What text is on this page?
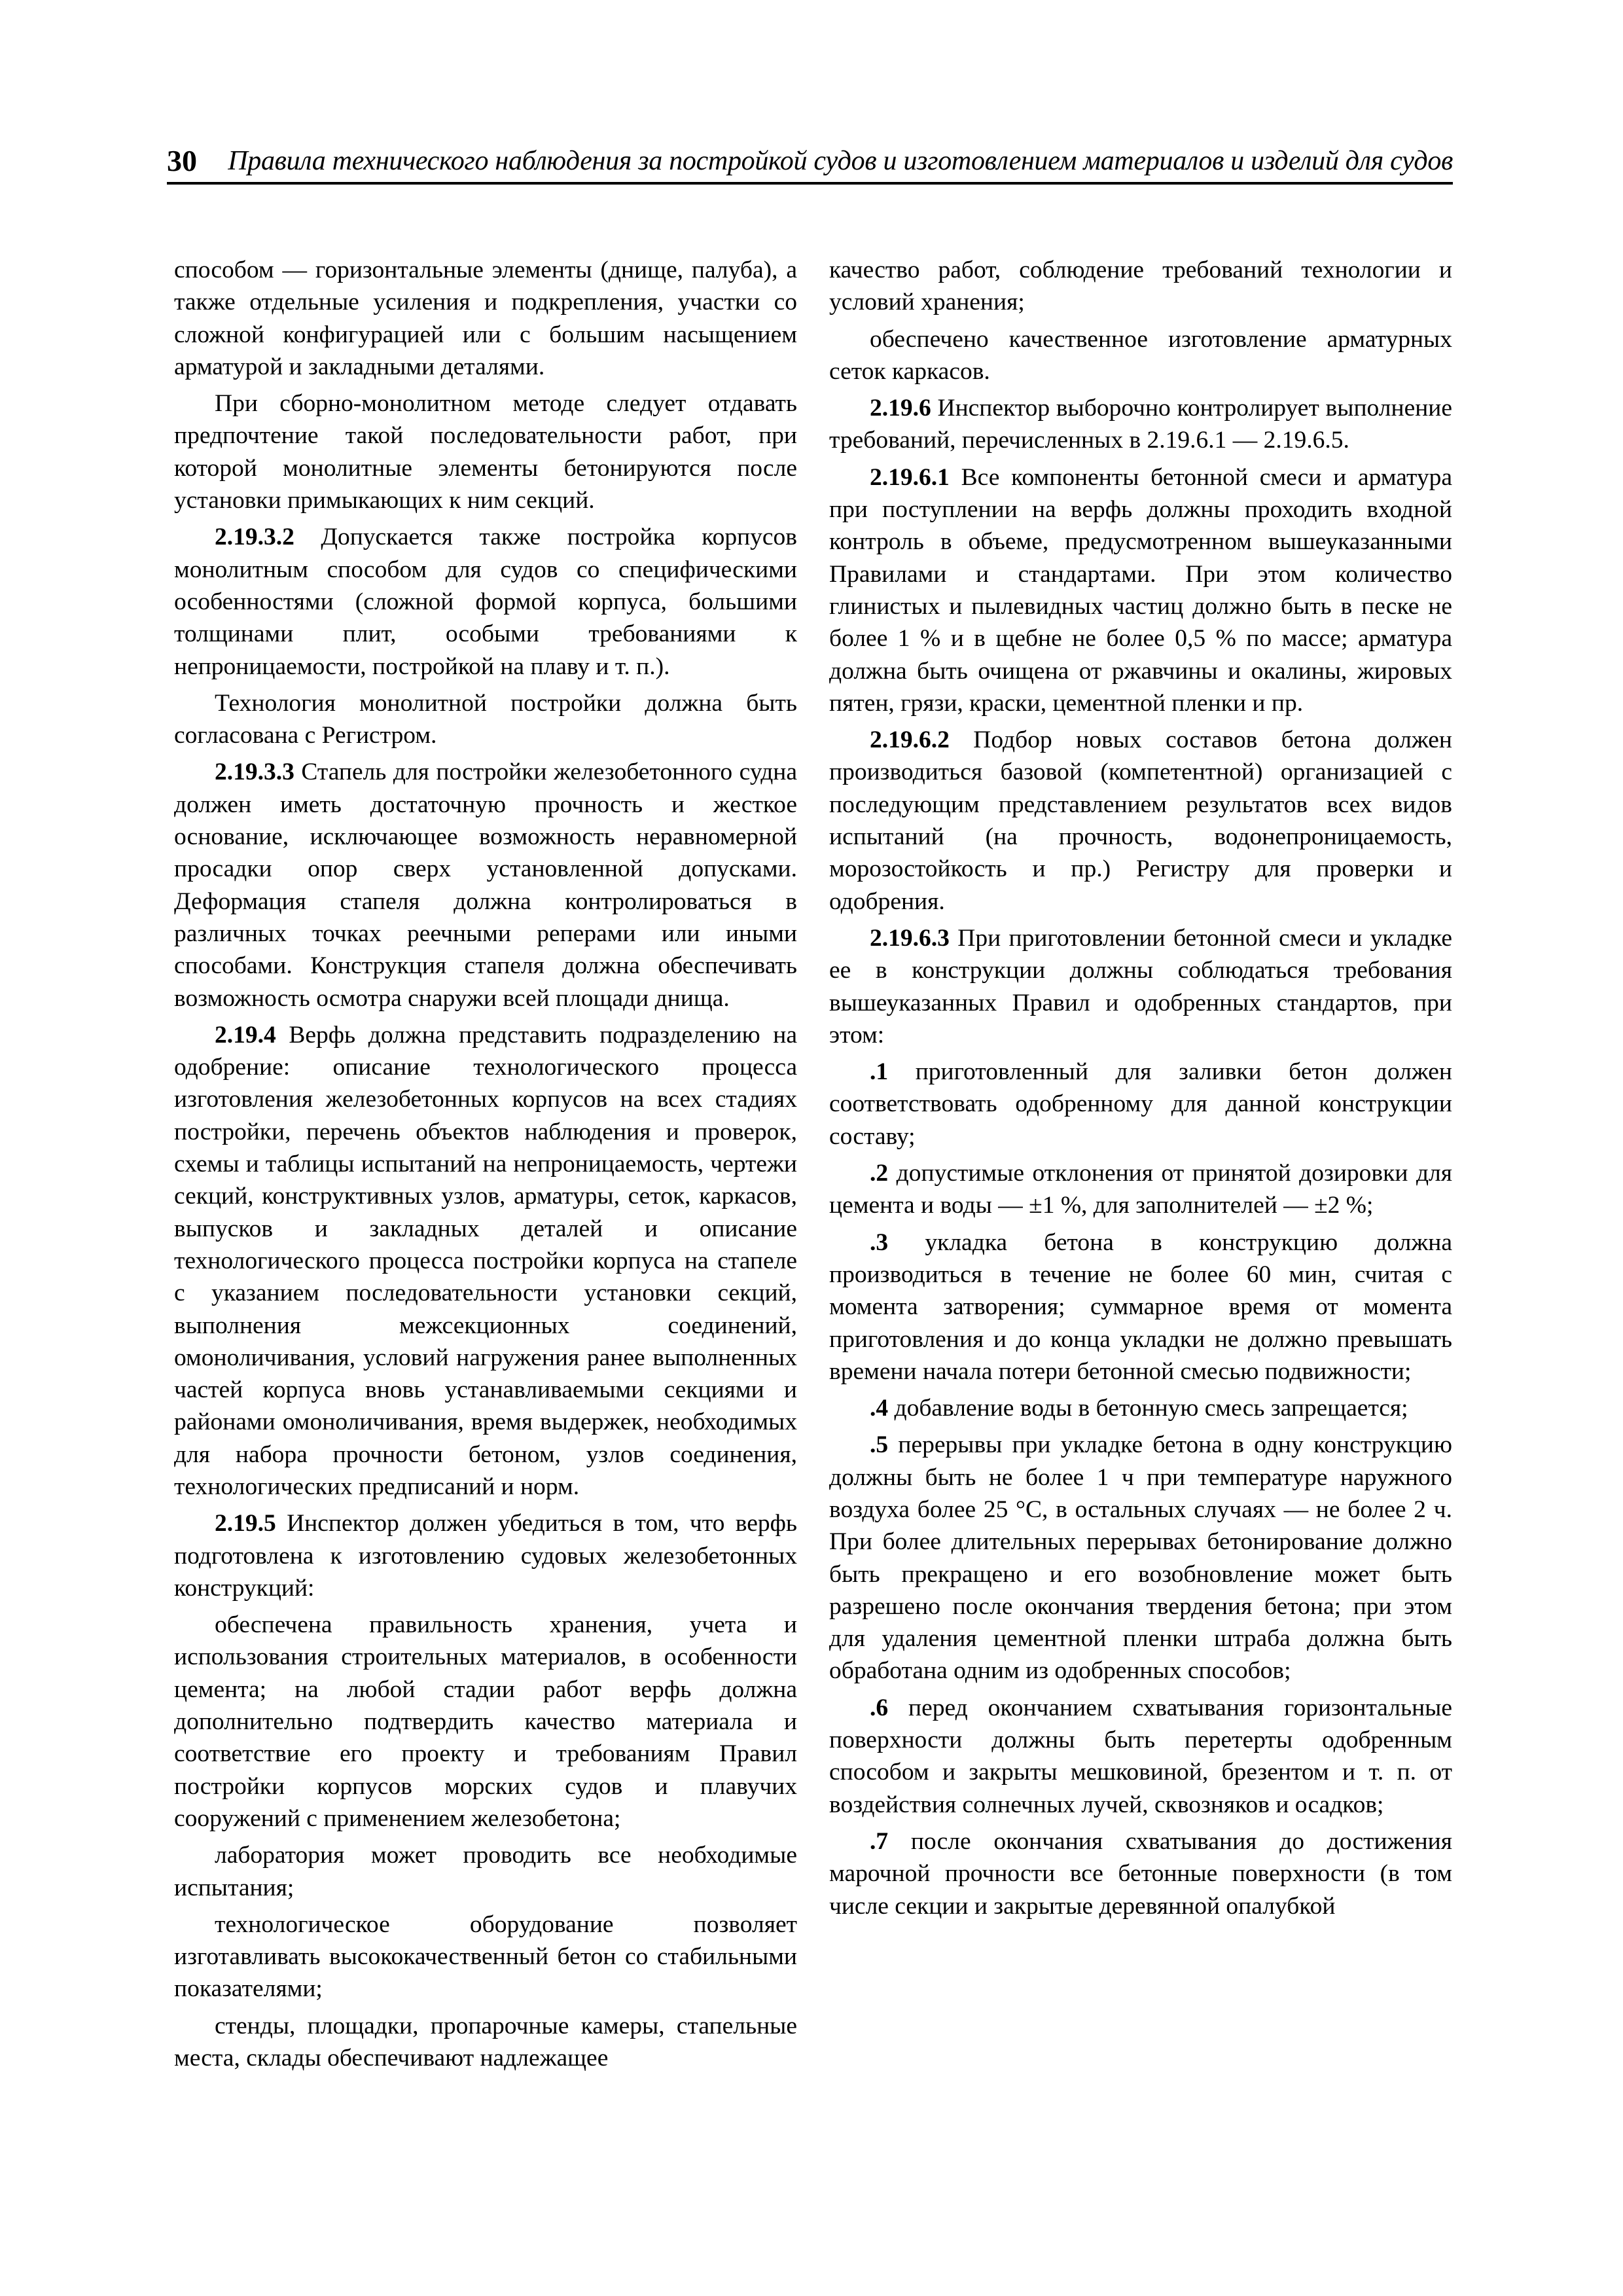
30 Правила технического наблюдения за постройкой судов и изготовлением материалов и изделий для судов

способом — горизонтальные элементы (днище, палуба), а также отдельные усиления и подкрепления, участки со сложной конфигурацией или с большим насыщением арматурой и закладными деталями.

При сборно-монолитном методе следует отдавать предпочтение такой последовательности работ, при которой монолитные элементы бетонируются после установки примыкающих к ним секций.

2.19.3.2 Допускается также постройка корпусов монолитным способом для судов со специфическими особенностями (сложной формой корпуса, большими толщинами плит, особыми требованиями к непроницаемости, постройкой на плаву и т. п.).

Технология монолитной постройки должна быть согласована с Регистром.

2.19.3.3 Стапель для постройки железобетонного судна должен иметь достаточную прочность и жесткое основание, исключающее возможность неравномерной просадки опор сверх установленной допусками. Деформация стапеля должна контролироваться в различных точках реечными реперами или иными способами. Конструкция стапеля должна обеспечивать возможность осмотра снаружи всей площади днища.

2.19.4 Верфь должна представить подразделению на одобрение: описание технологического процесса изготовления железобетонных корпусов на всех стадиях постройки, перечень объектов наблюдения и проверок, схемы и таблицы испытаний на непроницаемость, чертежи секций, конструктивных узлов, арматуры, сеток, каркасов, выпусков и закладных деталей и описание технологического процесса постройки корпуса на стапеле с указанием последовательности установки секций, выполнения межсекционных соединений, омоноличивания, условий нагружения ранее выполненных частей корпуса вновь устанавливаемыми секциями и районами омоноличивания, время выдержек, необходимых для набора прочности бетоном, узлов соединения, технологических предписаний и норм.

2.19.5 Инспектор должен убедиться в том, что верфь подготовлена к изготовлению судовых железобетонных конструкций:

обеспечена правильность хранения, учета и использования строительных материалов, в особенности цемента; на любой стадии работ верфь должна дополнительно подтвердить качество материала и соответствие его проекту и требованиям Правил постройки корпусов морских судов и плавучих сооружений с применением железобетона;

лаборатория может проводить все необходимые испытания;

технологическое оборудование позволяет изготавливать высококачественный бетон со стабильными показателями;

стенды, площадки, пропарочные камеры, стапельные места, склады обеспечивают надлежащее

качество работ, соблюдение требований технологии и условий хранения;

обеспечено качественное изготовление арматурных сеток каркасов.

2.19.6 Инспектор выборочно контролирует выполнение требований, перечисленных в 2.19.6.1 — 2.19.6.5.

2.19.6.1 Все компоненты бетонной смеси и арматура при поступлении на верфь должны проходить входной контроль в объеме, предусмотренном вышеуказанными Правилами и стандартами. При этом количество глинистых и пылевидных частиц должно быть в песке не более 1 % и в щебне не более 0,5 % по массе; арматура должна быть очищена от ржавчины и окалины, жировых пятен, грязи, краски, цементной пленки и пр.

2.19.6.2 Подбор новых составов бетона должен производиться базовой (компетентной) организацией с последующим представлением результатов всех видов испытаний (на прочность, водонепроницаемость, морозостойкость и пр.) Регистру для проверки и одобрения.

2.19.6.3 При приготовлении бетонной смеси и укладке ее в конструкции должны соблюдаться требования вышеуказанных Правил и одобренных стандартов, при этом:

.1 приготовленный для заливки бетон должен соответствовать одобренному для данной конструкции составу;

.2 допустимые отклонения от принятой дозировки для цемента и воды — ±1 %, для заполнителей — ±2 %;

.3 укладка бетона в конструкцию должна производиться в течение не более 60 мин, считая с момента затворения; суммарное время от момента приготовления и до конца укладки не должно превышать времени начала потери бетонной смесью подвижности;

.4 добавление воды в бетонную смесь запрещается;

.5 перерывы при укладке бетона в одну конструкцию должны быть не более 1 ч при температуре наружного воздуха более 25 °С, в остальных случаях — не более 2 ч. При более длительных перерывах бетонирование должно быть прекращено и его возобновление может быть разрешено после окончания твердения бетона; при этом для удаления цементной пленки штраба должна быть обработана одним из одобренных способов;

.6 перед окончанием схватывания горизонтальные поверхности должны быть перетерты одобренным способом и закрыты мешковиной, брезентом и т. п. от воздействия солнечных лучей, сквозняков и осадков;

.7 после окончания схватывания до достижения марочной прочности все бетонные поверхности (в том числе секции и закрытые деревянной опалубкой
